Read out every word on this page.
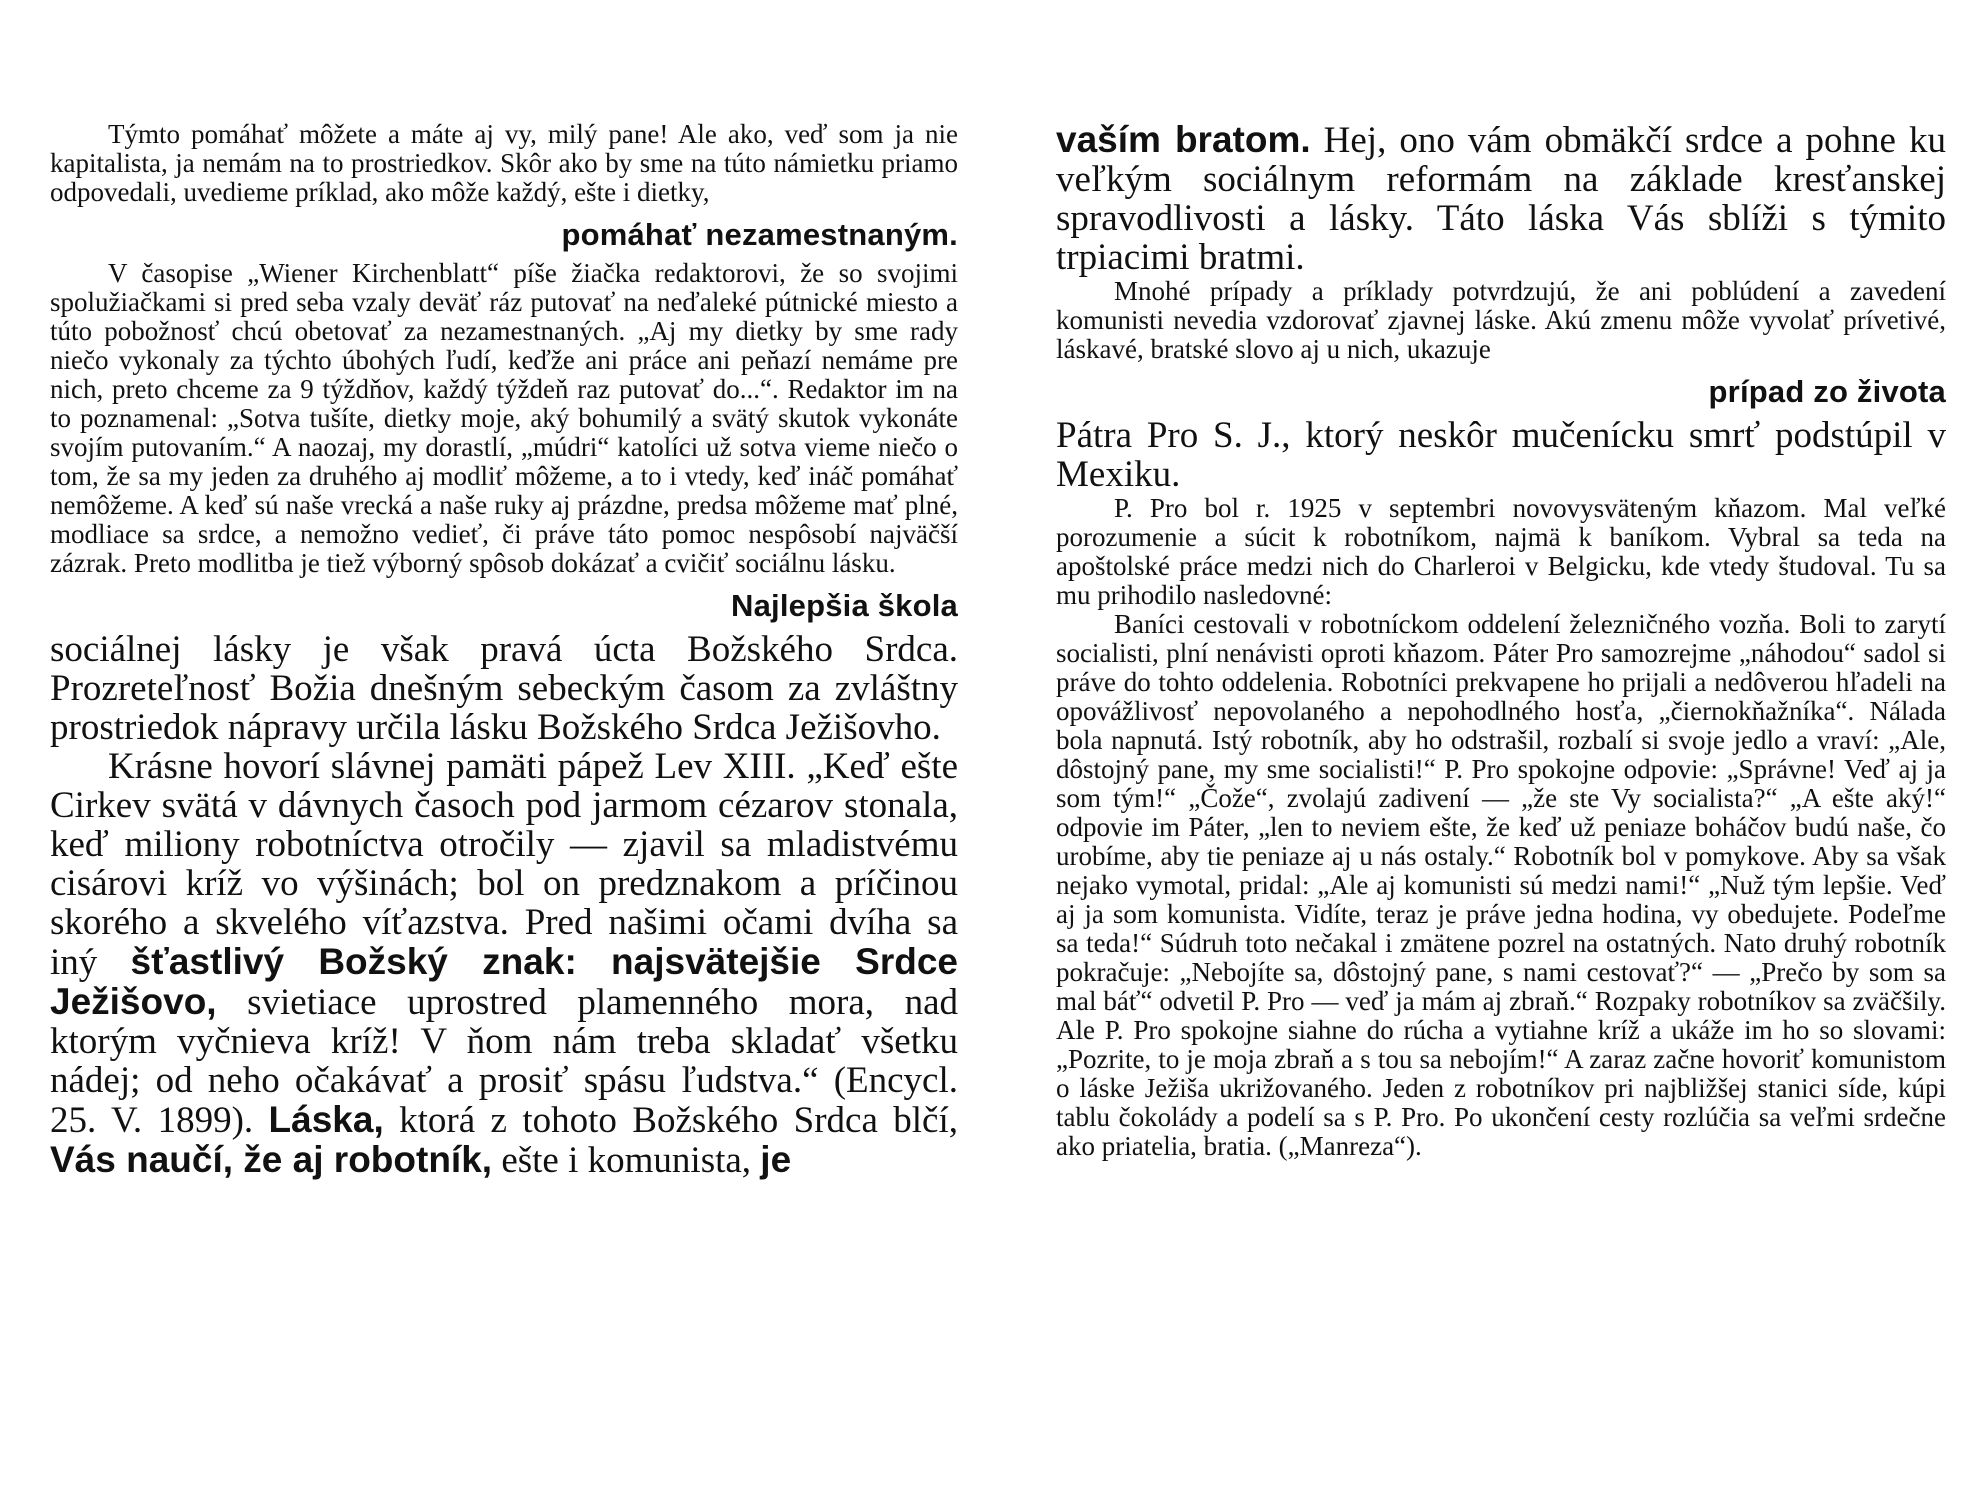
Týmto pomáhať môžete a máte aj vy, milý pane! Ale ako, veď som ja nie kapitalista, ja nemám na to prostriedkov. Skôr ako by sme na túto námietku priamo odpovedali, uvedieme príklad, ako môže každý, ešte i dietky,

pomáhať nezamestnaným.

V časopise „Wiener Kirchenblatt“ píše žiačka redaktorovi, že so svojimi spolužiačkami si pred seba vzaly deväť ráz putovať na neďaleké pútnické miesto a túto pobožnosť chcú obetovať za nezamestnaných. „Aj my dietky by sme rady niečo vykonaly za týchto úbohých ľudí, keďže ani práce ani peňazí nemáme pre nich, preto chceme za 9 týždňov, každý týždeň raz putovať do...“. Redaktor im na to poznamenal: „Sotva tušíte, dietky moje, aký bohumilý a svätý skutok vykonáte svojím putovaním.“ A naozaj, my dorastlí, „múdri“ katolíci už sotva vieme niečo o tom, že sa my jeden za druhého aj modliť môžeme, a to i vtedy, keď ináč pomáhať nemôžeme. A keď sú naše vrecká a naše ruky aj prázdne, predsa môžeme mať plné, modliace sa srdce, a nemožno vedieť, či práve táto pomoc nespôsobí najväčší zázrak. Preto modlitba je tiež výborný spôsob dokázať a cvičiť sociálnu lásku.

Najlepšia škola

sociálnej lásky je však pravá úcta Božského Srdca. Prozreteľnosť Božia dnešným sebeckým časom za zvláštny prostriedok nápravy určila lásku Božského Srdca Ježišovho.

Krásne hovorí slávnej pamäti pápež Lev XIII. „Keď ešte Cirkev svätá v dávnych časoch pod jarmom cézarov stonala, keď miliony robotníctva otročily — zjavil sa mladistvému cisárovi kríž vo výšinách; bol on predznakom a príčinou skorého a skvelého víťazstva. Pred našimi očami dvíha sa iný šťastlivý Božský znak: najsvätejšie Srdce Ježišovo, svietiace uprostred plamenného mora, nad ktorým vyčnieva kríž! V ňom nám treba skladať všetku nádej; od neho očakávať a prosiť spásu ľudstva.“ (Encycl. 25. V. 1899). Láska, ktorá z tohoto Božského Srdca blčí, Vás naučí, že aj robotník, ešte i komunista, je

vaším bratom. Hej, ono vám obmäkčí srdce a pohne ku veľkým sociálnym reformám na základe kresťanskej spravodlivosti a lásky. Táto láska Vás sblíži s týmito trpiacimi bratmi.

Mnohé prípady a príklady potvrdzujú, že ani poblúdení a zavedení komunisti nevedia vzdorovať zjavnej láske. Akú zmenu môže vyvolať prívetivé, láskavé, bratské slovo aj u nich, ukazuje

prípad zo života

Pátra Pro S. J., ktorý neskôr mučenícku smrť podstúpil v Mexiku.

P. Pro bol r. 1925 v septembri novovysväteným kňazom. Mal veľké porozumenie a súcit k robotníkom, najmä k baníkom. Vybral sa teda na apoštolské práce medzi nich do Charleroi v Belgicku, kde vtedy študoval. Tu sa mu prihodilo nasledovné:

Baníci cestovali v robotníckom oddelení železničného vozňa. Boli to zarytí socialisti, plní nenávisti oproti kňazom. Páter Pro samozrejme „náhodou“ sadol si práve do tohto oddelenia. Robotníci prekvapene ho prijali a nedôverou hľadeli na opovážlivosť nepovolaného a nepohodlného hosťa, „čiernokňažníka“. Nálada bola napnutá. Istý robotník, aby ho odstrašil, rozbalí si svoje jedlo a vraví: „Ale, dôstojný pane, my sme socialisti!“ P. Pro spokojne odpovie: „Správne! Veď aj ja som tým!“ „Čože“, zvolajú zadivení — „že ste Vy socialista?“ „A ešte aký!“ odpovie im Páter, „len to neviem ešte, že keď už peniaze boháčov budú naše, čo urobíme, aby tie peniaze aj u nás ostaly.“ Robotník bol v pomykove. Aby sa však nejako vymotal, pridal: „Ale aj komunisti sú medzi nami!“ „Nuž tým lepšie. Veď aj ja som komunista. Vidíte, teraz je práve jedna hodina, vy obedujete. Podeľme sa teda!“ Súdruh toto nečakal i zmätene pozrel na ostatných. Nato druhý robotník pokračuje: „Nebojíte sa, dôstojný pane, s nami cestovať?“ — „Prečo by som sa mal báť“ odvetil P. Pro — veď ja mám aj zbraň.“ Rozpaky robotníkov sa zväčšily. Ale P. Pro spokojne siahne do rúcha a vytiahne kríž a ukáže im ho so slovami: „Pozrite, to je moja zbraň a s tou sa nebojím!“ A zaraz začne hovoriť komunistom o láske Ježiša ukrižovaného. Jeden z robotníkov pri najbližšej stanici síde, kúpi tablu čokolády a podelí sa s P. Pro. Po ukončení cesty rozlúčia sa veľmi srdečne ako priatelia, bratia. („Manreza“).
